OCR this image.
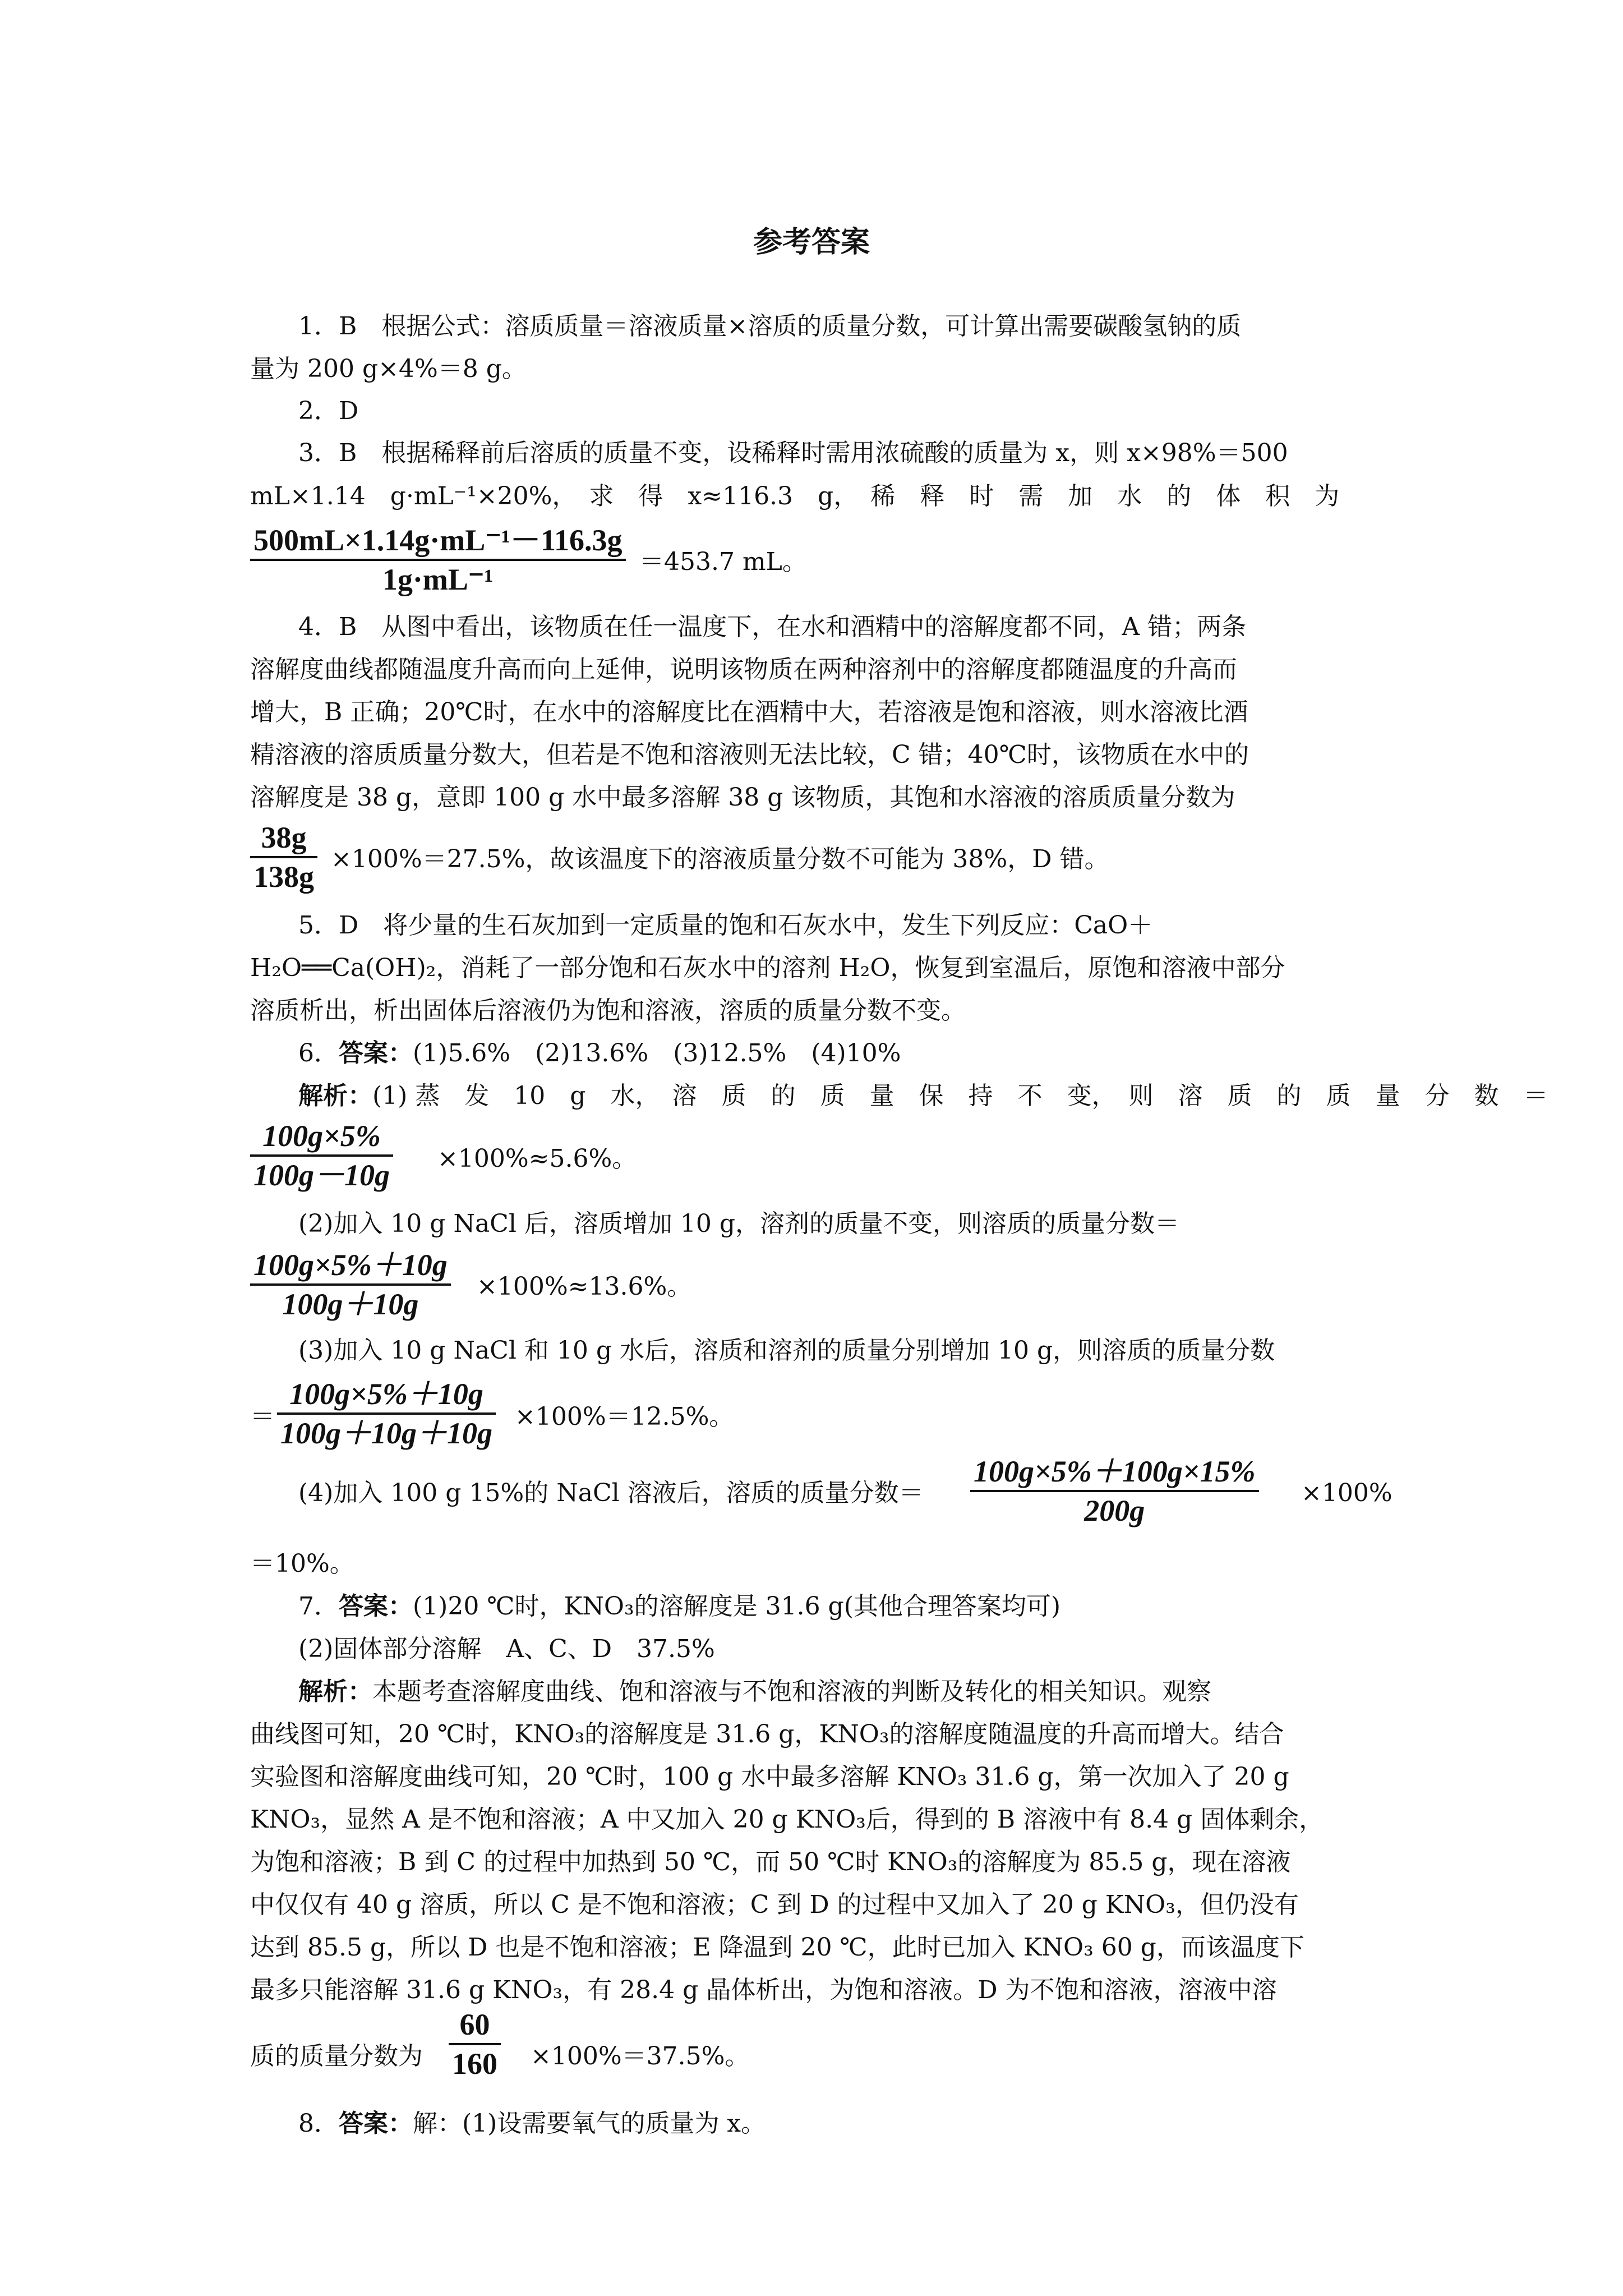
参考答案
1．B　根据公式：溶质质量＝溶液质量×溶质的质量分数，可计算出需要碳酸氢钠的质
量为 200 g×4%＝8 g。
2．D
3．B　根据稀释前后溶质的质量不变，设稀释时需用浓硫酸的质量为 x，则 x×98%＝500
mL×1.14　g·mL⁻¹×20%，　求　得　x≈116.3　g，　稀　释　时　需　加　水　的　体　积　为
500mL×1.14g·mL⁻¹－116.3g
1g·mL⁻¹
＝453.7 mL。
4．B　从图中看出，该物质在任一温度下，在水和酒精中的溶解度都不同，A 错；两条
溶解度曲线都随温度升高而向上延伸，说明该物质在两种溶剂中的溶解度都随温度的升高而
增大，B 正确；20℃时，在水中的溶解度比在酒精中大，若溶液是饱和溶液，则水溶液比酒
精溶液的溶质质量分数大，但若是不饱和溶液则无法比较，C 错；40℃时，该物质在水中的
溶解度是 38 g，意即 100 g 水中最多溶解 38 g 该物质，其饱和水溶液的溶质质量分数为
38g
138g
×100%＝27.5%，故该温度下的溶液质量分数不可能为 38%，D 错。
5．D　将少量的生石灰加到一定质量的饱和石灰水中，发生下列反应：CaO＋
H₂O══Ca(OH)₂，消耗了一部分饱和石灰水中的溶剂 H₂O，恢复到室温后，原饱和溶液中部分
溶质析出，析出固体后溶液仍为饱和溶液，溶质的质量分数不变。
6．答案：(1)5.6%　(2)13.6%　(3)12.5%　(4)10%
解析：(1) 蒸　发　10　g　水，　溶　质　的　质　量　保　持　不　变，　则　溶　质　的　质　量　分　数　＝
100g×5%
100g－10g ×100%≈5.6%。
(2)加入 10 g NaCl 后，溶质增加 10 g，溶剂的质量不变，则溶质的质量分数＝
100g×5%＋10g
100g＋10g
×100%≈13.6%。
(3)加入 10 g NaCl 和 10 g 水后，溶质和溶剂的质量分别增加 10 g，则溶质的质量分数
＝
100g×5%＋10g
100g＋10g＋10g ×100%＝12.5%。
(4)加入 100 g 15%的 NaCl 溶液后，溶质的质量分数＝
100g×5%＋100g×15%
200g
×100%
＝10%。
7．答案：(1)20 ℃时，KNO₃的溶解度是 31.6 g(其他合理答案均可)
(2)固体部分溶解　A、C、D　37.5%
解析：本题考查溶解度曲线、饱和溶液与不饱和溶液的判断及转化的相关知识。观察
曲线图可知，20 ℃时，KNO₃的溶解度是 31.6 g，KNO₃的溶解度随温度的升高而增大。结合
实验图和溶解度曲线可知，20 ℃时，100 g 水中最多溶解 KNO₃ 31.6 g，第一次加入了 20 g
KNO₃，显然 A 是不饱和溶液；A 中又加入 20 g KNO₃后，得到的 B 溶液中有 8.4 g 固体剩余，
为饱和溶液；B 到 C 的过程中加热到 50 ℃，而 50 ℃时 KNO₃的溶解度为 85.5 g，现在溶液
中仅仅有 40 g 溶质，所以 C 是不饱和溶液；C 到 D 的过程中又加入了 20 g KNO₃，但仍没有
达到 85.5 g，所以 D 也是不饱和溶液；E 降温到 20 ℃，此时已加入 KNO₃ 60 g，而该温度下
最多只能溶解 31.6 g KNO₃，有 28.4 g 晶体析出，为饱和溶液。D 为不饱和溶液，溶液中溶
质的质量分数为
60
160 ×100%＝37.5%。
8．答案：解：(1)设需要氧气的质量为 x。
